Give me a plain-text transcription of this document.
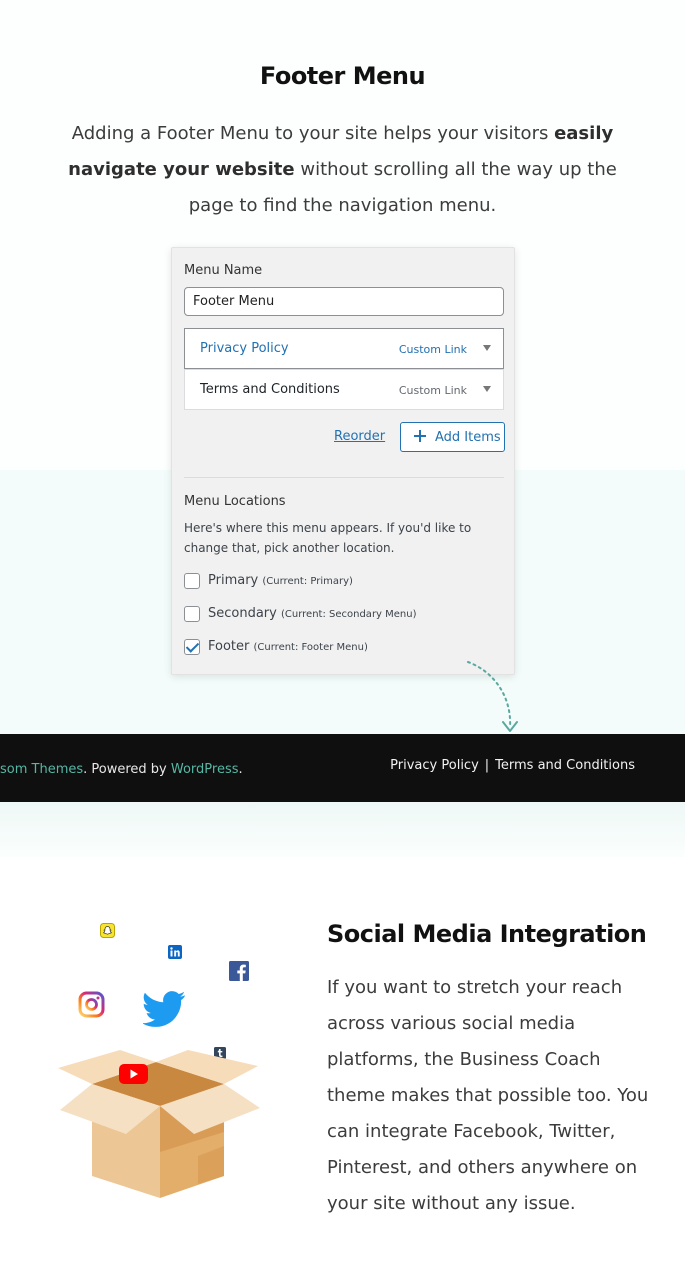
Footer Menu

Adding a Footer Menu to your site helps your visitors easily navigate your website without scrolling all the way up the page to find the navigation menu.

Menu Name
Footer Menu
Privacy Policy	Custom Link
Terms and Conditions	Custom Link
Reorder	Add Items
Menu Locations
Here's where this menu appears. If you'd like to change that, pick another location.
Primary (Current: Primary)
Secondary (Current: Secondary Menu)
Footer (Current: Footer Menu)
som Themes. Powered by WordPress.	Privacy Policy | Terms and Conditions
Social Media Integration

If you want to stretch your reach across various social media platforms, the Business Coach theme makes that possible too. You can integrate Facebook, Twitter, Pinterest, and others anywhere on your site without any issue.
